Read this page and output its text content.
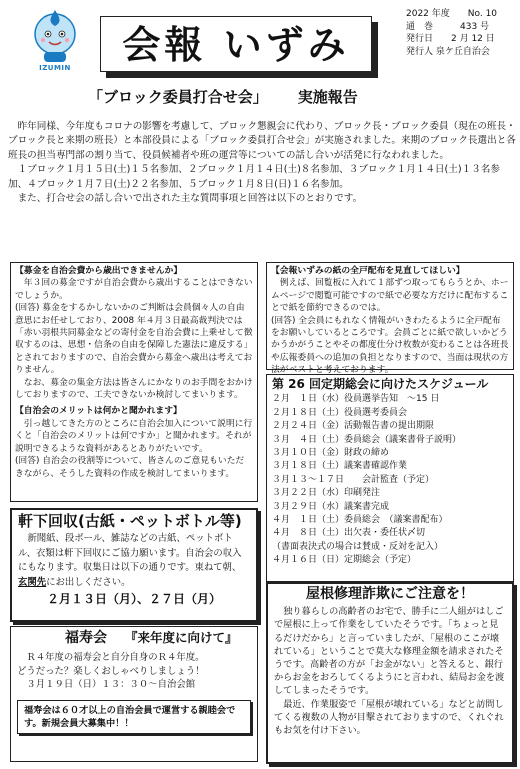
IZUMIN
会報 いずみ
2022 年度　　No. 10
通　巻　　　433 号
発行日　　2 月 12 日
発行人 泉ケ丘自治会
「ブロック委員打合せ会」 実施報告

昨年同様、今年度もコロナの影響を考慮して、ブロック懇親会に代わり、ブロック長・ブロック委員（現在の班長・ブロック長と来期の班長）と本部役員による「ブロック委員打合せ会」が実施されました。来期のブロック長選出と各班長の担当専門部の割り当て、役員候補者や班の運営等についての話し合いが活発に行なわれました。

１ブロック１月１５日(土)１５名参加、２ブロック１月１４日(土)８名参加、３ブロック１月１４日(土)１３名参加、４ブロック１月７日(土)２２名参加、５ブロック１月８日(日)１６名参加。

また、打合せ会の話し合いで出された主な質問事項と回答は以下のとおりです。

【募金を自治会費から歳出できませんか】

年３回の募金ですが自治会費から歳出することはできないでしょうか。

(回答) 募金をするかしないかのご判断は会員個々人の自由意思にお任せしており、2008 年４月３日最高裁判決では「赤い羽根共同募金などの寄付金を自治会費に上乗せして徴収するのは、思想・信条の自由を保障した憲法に違反する」とされておりますので、自治会費から募金へ歳出は考えておりません。

なお、募金の集金方法は皆さんにかなりのお手間をおかけしておりますので、工夫できないか検討してまいります。

【自治会のメリットは何かと聞かれます】

引っ越してきた方のところに自治会加入について説明に行くと「自治会のメリットは何ですか」と聞かれます。それが説明できるような資料があるとありがたいです。

(回答) 自治会の役割等について、皆さんのご意見もいただきながら、そうした資料の作成を検討してまいります。

【会報いずみの紙の全戸配布を見直してほしい】

例えば、回覧板に入れて１部ずつ取ってもらうとか、ホームページで閲覧可能ですので紙で必要な方だけに配布することで紙を節約できるのでは。

(回答) 全会員にもれなく情報がいきわたるように全戸配布をお願いしているところです。会員ごとに紙で欲しいかどうかうかがうことやその都度仕分け枚数が変わることは各班長や広報委員への追加の負担となりますので、当面は現状の方法がベストと考えております。

第 26 回定期総会に向けたスケジュール
２月　１日（水）役員選挙告知　～15 日
２月１８日（土）役員選考委員会
２月２４日（金）活動報告書の提出期限
３月　４日（土）委員総会（議案書骨子説明）
３月１０日（金）財政の締め
３月１８日（土）議案書確認作業
３月１３～１７日　　会計監査（予定）
３月２２日（水）印刷発注
３月２９日（水）議案書完成
４月　１日（土）委員総会　（議案書配布）
４月　８日（土）出欠表・委任状〆切
（書面表決式の場合は賛成・反対を記入）
４月１６日（日）定期総会（予定）
軒下回収(古紙・ペットボトル等)

新聞紙、段ボール、雑誌などの古紙、ペットボトル、衣類は軒下回収にご協力願います。自治会の収入にもなります。収集日は以下の通りです。東ねて朝、玄関先にお出しください。

２月１３日（月）、２７日（月）
福寿会 『来年度に向けて』

Ｒ４年度の福寿会と自分自身のＲ４年度。

どうだった？楽しくおしゃべりしましょう！

３月１９日（日）１３：３０～自治会館

福寿会は６０才以上の自治会員で運営する親睦会です。新規会員大募集中！！
屋根修理詐欺にご注意を！

独り暮らしの高齢者のお宅で、勝手に二人組がはしごで屋根に上って作業をしていたそうです。「ちょっと見るだけだから」と言っていましたが、「屋根のここが壊れている」ということで莫大な修理金額を請求されたそうです。高齢者の方が「お金がない」と答えると、銀行からお金をおろしてくるようにと言われ、結局お金を渡してしまったそうです。

最近、作業服姿で「屋根が壊れている」などと訪問してくる複数の人物が目撃されておりますので、くれぐれもお気を付け下さい。
